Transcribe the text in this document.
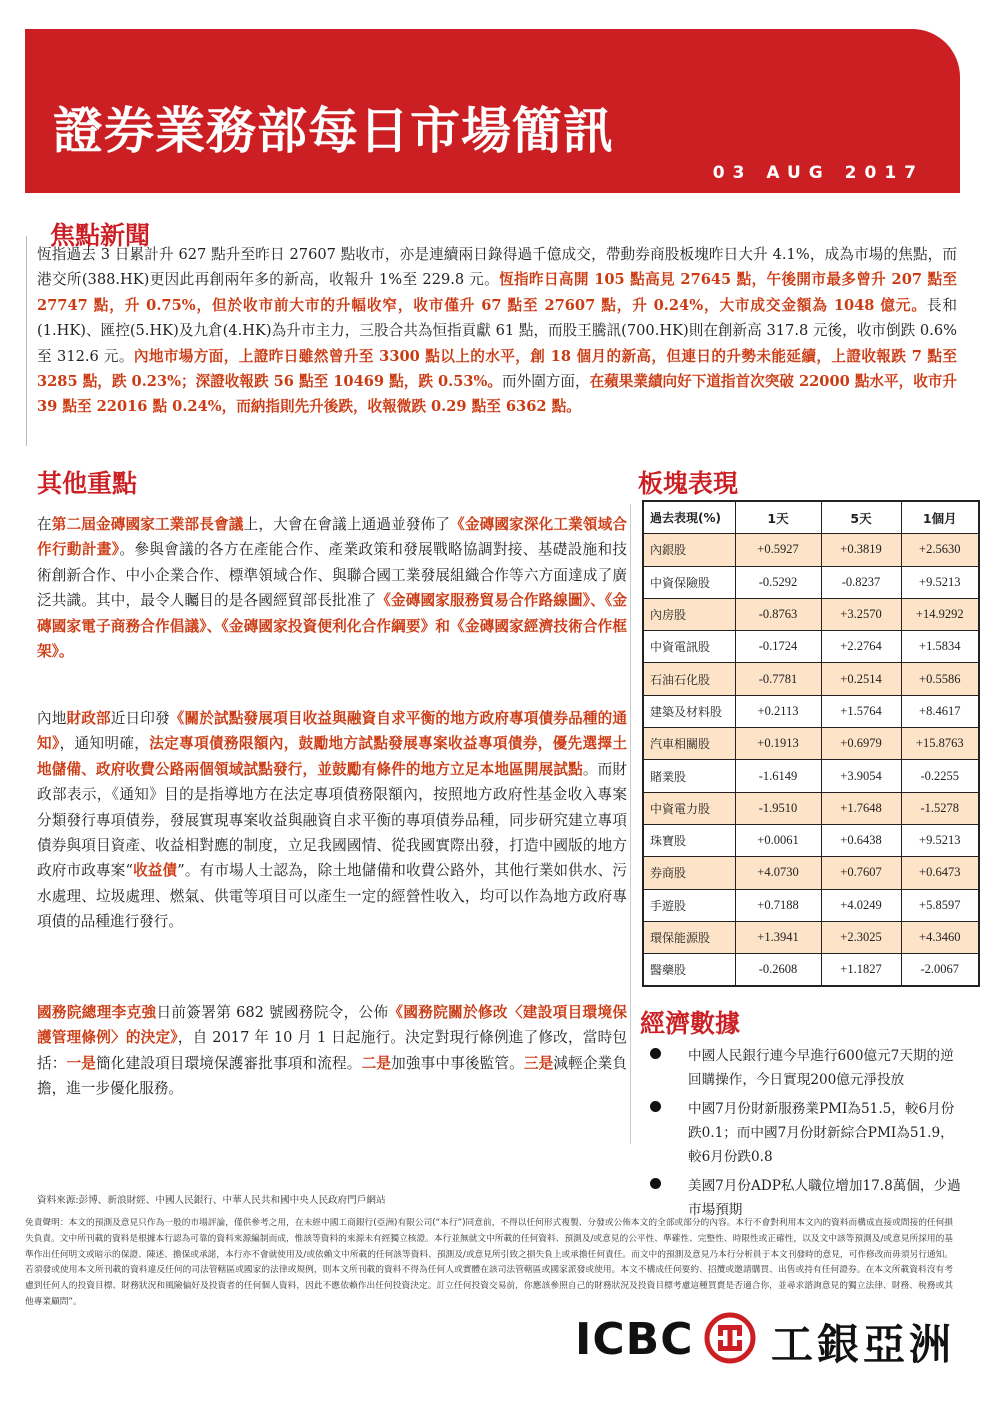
證券業務部每日市場簡訊
03 AUG 2017
焦點新聞

恆指過去 3 日累計升 627 點升至昨日 27607 點收市，亦是連續兩日錄得過千億成交，帶動券商股板塊昨日大升 4.1%，成為市場的焦點，而港交所(388.HK)更因此再創兩年多的新高，收報升 1%至 229.8 元。恆指昨日高開 105 點高見 27645 點，午後開市最多曾升 207 點至 27747 點，升 0.75%，但於收市前大市的升幅收窄，收市僅升 67 點至 27607 點，升 0.24%，大市成交金額為 1048 億元。長和(1.HK)、匯控(5.HK)及九倉(4.HK)為升市主力，三股合共為恒指貢獻 61 點，而股王騰訊(700.HK)則在創新高 317.8 元後，收市倒跌 0.6%至 312.6 元。內地市場方面，上證昨日雖然曾升至 3300 點以上的水平，創 18 個月的新高，但連日的升勢未能延續，上證收報跌 7 點至 3285 點，跌 0.23%；深證收報跌 56 點至 10469 點，跌 0.53%。而外圍方面，在蘋果業績向好下道指首次突破 22000 點水平，收市升 39 點至 22016 點 0.24%，而納指則先升後跌，收報微跌 0.29 點至 6362 點。

其他重點

在第二屆金磚國家工業部長會議上，大會在會議上通過並發佈了《金磚國家深化工業領域合作行動計畫》。參與會議的各方在產能合作、產業政策和發展戰略協調對接、基礎設施和技術創新合作、中小企業合作、標準領域合作、與聯合國工業發展組織合作等六方面達成了廣泛共識。其中，最令人矚目的是各國經貿部長批准了《金磚國家服務貿易合作路線圖》、《金磚國家電子商務合作倡議》、《金磚國家投資便利化合作綱要》和《金磚國家經濟技術合作框架》。

內地財政部近日印發《關於試點發展項目收益與融資自求平衡的地方政府專項債券品種的通知》，通知明確，法定專項債務限額內，鼓勵地方試點發展專案收益專項債券，優先選擇土地儲備、政府收費公路兩個領域試點發行，並鼓勵有條件的地方立足本地區開展試點。而財政部表示，《通知》目的是指導地方在法定專項債務限額內，按照地方政府性基金收入專案分類發行專項債券，發展實現專案收益與融資自求平衡的專項債券品種，同步研究建立專項債券與項目資產、收益相對應的制度，立足我國國情、從我國實際出發，打造中國版的地方政府市政專案“收益債”。有市場人士認為，除土地儲備和收費公路外，其他行業如供水、污水處理、垃圾處理、燃氣、供電等項目可以產生一定的經營性收入，均可以作為地方政府專項債的品種進行發行。

國務院總理李克強日前簽署第 682 號國務院令，公佈《國務院關於修改〈建設項目環境保護管理條例〉的決定》，自 2017 年 10 月 1 日起施行。決定對現行條例進了修改，當時包括：一是簡化建設項目環境保護審批事項和流程。二是加強事中事後監管。三是減輕企業負擔，進一步優化服務。

板塊表現
過去表現(%)	1天	5天	1個月
內銀股	+0.5927	+0.3819	+2.5630
中資保險股	-0.5292	-0.8237	+9.5213
內房股	-0.8763	+3.2570	+14.9292
中資電訊股	-0.1724	+2.2764	+1.5834
石油石化股	-0.7781	+0.2514	+0.5586
建築及材料股	+0.2113	+1.5764	+8.4617
汽車相關股	+0.1913	+0.6979	+15.8763
賭業股	-1.6149	+3.9054	-0.2255
中資電力股	-1.9510	+1.7648	-1.5278
珠寶股	+0.0061	+0.6438	+9.5213
券商股	+4.0730	+0.7607	+0.6473
手遊股	+0.7188	+4.0249	+5.8597
環保能源股	+1.3941	+2.3025	+4.3460
醫藥股	-0.2608	+1.1827	-2.0067
經濟數據
中國人民銀行連今早進行600億元7天期的逆回購操作，今日實現200億元淨投放
中國7月份財新服務業PMI為51.5，較6月份跌0.1；而中國7月份財新綜合PMI為51.9，較6月份跌0.8
美國7月份ADP私人職位增加17.8萬個，少過市場預期

資料來源:彭博、新浪財經、中國人民銀行、中華人民共和國中央人民政府門戶網站

免責聲明：本文的預測及意見只作為一般的市場評論，僅供參考之用，在未經中國工商銀行(亞洲)有限公司(“本行”)同意前，不得以任何形式複製、分發或公佈本文的全部或部分的內容。本行不會對利用本文內的資料而構成直接或間接的任何損失負責。文中所刊載的資料是根據本行認為可靠的資料來源編制而成，惟該等資料的來源未有經獨立核證。本行並無就文中所載的任何資料、預測及/或意見的公平性、準確性、完整性、時限性或正確性，以及文中該等預測及/或意見所採用的基準作出任何明文或暗示的保證、陳述、擔保或承諾，本行亦不會就使用及/或依賴文中所載的任何該等資料、預測及/或意見所引致之損失負上或承擔任何責任。而文中的預測及意見乃本行分析員于本文刊發時的意見，可作修改而毋須另行通知。若須發或使用本文所刊載的資料違反任何的司法管轄區或國家的法律或規例，則本文所刊載的資料不得為任何人或實體在該司法管轄區或國家派發或使用。本文不構成任何要約、招攬或邀請購買、出售或持有任何證券。在本文所載資料沒有考慮到任何人的投資目標、財務狀況和風險偏好及投資者的任何個人資料，因此不應依賴作出任何投資決定。訂立任何投資交易前，你應該參照自己的財務狀況及投資目標考慮這種買賣是否適合你，並尋求諮詢意見的獨立法律、財務、稅務或其他專業顧問”。

ICBC 工銀亞洲
